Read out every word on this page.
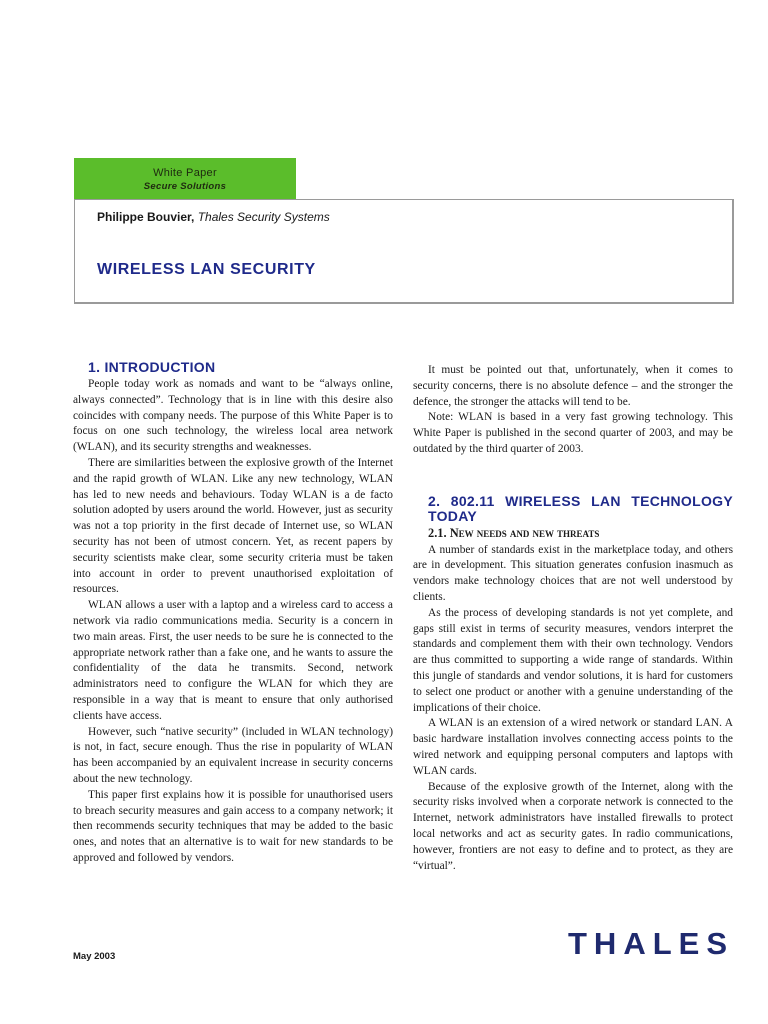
White Paper
Secure Solutions
Philippe Bouvier, Thales Security Systems
WIRELESS LAN SECURITY
1. INTRODUCTION

People today work as nomads and want to be “always online, always connected”. Technology that is in line with this desire also coincides with company needs. The purpose of this White Paper is to focus on one such technology, the wireless local area network (WLAN), and its security strengths and weaknesses.

There are similarities between the explosive growth of the Internet and the rapid growth of WLAN. Like any new technology, WLAN has led to new needs and behaviours. Today WLAN is a de facto solution adopted by users around the world. However, just as security was not a top priority in the first decade of Internet use, so WLAN security has not been of utmost concern. Yet, as recent papers by security scientists make clear, some security criteria must be taken into account in order to prevent unauthorised exploitation of resources.

WLAN allows a user with a laptop and a wireless card to access a network via radio communications media. Security is a concern in two main areas. First, the user needs to be sure he is connected to the appropriate network rather than a fake one, and he wants to assure the confidentiality of the data he transmits. Second, network administrators need to configure the WLAN for which they are responsible in a way that is meant to ensure that only authorised clients have access.

However, such “native security” (included in WLAN technology) is not, in fact, secure enough. Thus the rise in popularity of WLAN has been accompanied by an equivalent increase in security concerns about the new technology.

This paper first explains how it is possible for unauthorised users to breach security measures and gain access to a company network; it then recommends security techniques that may be added to the basic ones, and notes that an alternative is to wait for new standards to be approved and followed by vendors.

It must be pointed out that, unfortunately, when it comes to security concerns, there is no absolute defence – and the stronger the defence, the stronger the attacks will tend to be.

Note: WLAN is based in a very fast growing technology. This White Paper is published in the second quarter of 2003, and may be outdated by the third quarter of 2003.

2. 802.11 WIRELESS LAN TECHNOLOGY TODAY
2.1. New needs and new threats

A number of standards exist in the marketplace today, and others are in development. This situation generates confusion inasmuch as vendors make technology choices that are not well understood by clients.

As the process of developing standards is not yet complete, and gaps still exist in terms of security measures, vendors interpret the standards and complement them with their own technology. Vendors are thus committed to supporting a wide range of standards. Within this jungle of standards and vendor solutions, it is hard for customers to select one product or another with a genuine understanding of the implications of their choice.

A WLAN is an extension of a wired network or standard LAN. A basic hardware installation involves connecting access points to the wired network and equipping personal computers and laptops with WLAN cards.

Because of the explosive growth of the Internet, along with the security risks involved when a corporate network is connected to the Internet, network administrators have installed firewalls to protect local networks and act as security gates. In radio communications, however, frontiers are not easy to define and to protect, as they are “virtual”.

May 2003	THALES
